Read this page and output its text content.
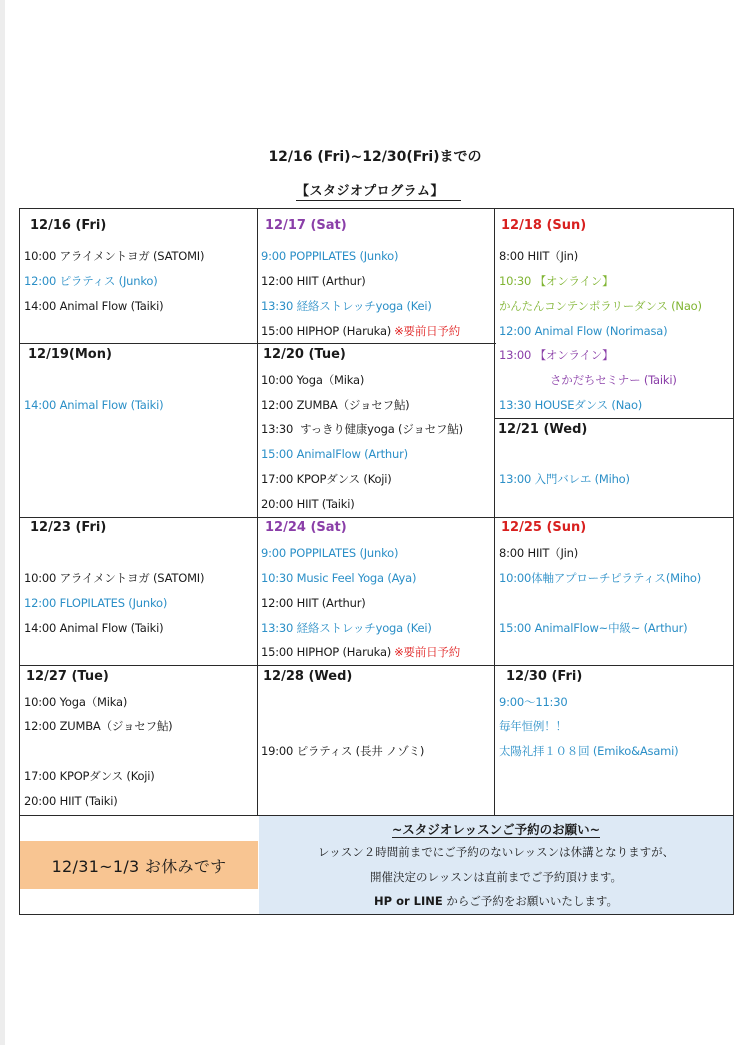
12/16 (Fri)~12/30(Fri)までの
【スタジオプログラム】
12/16 (Fri)
10:00 アライメントヨガ (SATOMI)
12:00 ピラティス (Junko)
14:00 Animal Flow (Taiki)
12/17 (Sat)
9:00 POPPILATES (Junko)
12:00 HIIT (Arthur)
13:30 経絡ストレッチyoga (Kei)
15:00 HIPHOP (Haruka) ※要前日予約
12/18 (Sun)
8:00 HIIT（Jin)
10:30 【オンライン】
かんたんコンテンポラリーダンス (Nao)
12:00 Animal Flow (Norimasa)
13:00 【オンライン】
さかだちセミナー (Taiki)
13:30 HOUSEダンス (Nao)
12/19(Mon)
14:00 Animal Flow (Taiki)
12/20 (Tue)
10:00 Yoga（Mika)
12:00 ZUMBA（ジョセフ鮎)
13:30 すっきり健康yoga (ジョセフ鮎)
15:00 AnimalFlow (Arthur)
17:00 KPOPダンス (Koji)
20:00 HIIT (Taiki)
12/21 (Wed)
13:00 入門バレエ (Miho)
12/23 (Fri)
10:00 アライメントヨガ (SATOMI)
12:00 FLOPILATES (Junko)
14:00 Animal Flow (Taiki)
12/24 (Sat)
9:00 POPPILATES (Junko)
10:30 Music Feel Yoga (Aya)
12:00 HIIT (Arthur)
13:30 経絡ストレッチyoga (Kei)
15:00 HIPHOP (Haruka) ※要前日予約
12/25 (Sun)
8:00 HIIT（Jin)
10:00体軸アプローチピラティス(Miho)
15:00 AnimalFlow~中級~ (Arthur)
12/27 (Tue)
10:00 Yoga（Mika)
12:00 ZUMBA（ジョセフ鮎)
17:00 KPOPダンス (Koji)
20:00 HIIT (Taiki)
12/28 (Wed)
19:00 ピラティス (長井 ノゾミ)
12/30 (Fri)
9:00～11:30
毎年恒例！！
太陽礼拝１０８回 (Emiko&Asami)
12/31~1/3 お休みです
~スタジオレッスンご予約のお願い~
レッスン２時間前までにご予約のないレッスンは休講となりますが、
開催決定のレッスンは直前までご予約頂けます。
HP or LINE からご予約をお願いいたします。
